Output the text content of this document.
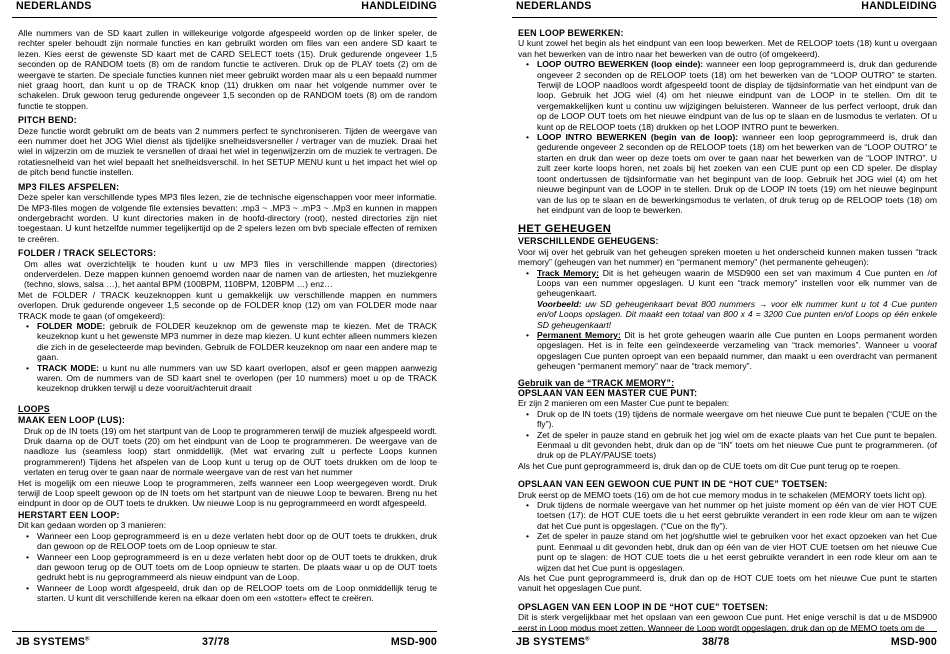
NEDERLANDS	HANDLEIDING

Alle nummers van de SD kaart zullen in willekeurige volgorde afgespeeld worden op de linker speler, de rechter speler behoudt zijn normale functies en kan gebruikt worden om files van een andere SD kaart te lezen. Kies eerst de gewenste SD kaart met de CARD SELECT toets (15). Druk gedurende ongeveer 1,5 seconden op de RANDOM toets (8) om de random functie te activeren. Druk op de PLAY toets (2) om de weergave te starten. De speciale functies kunnen niet meer gebruikt worden maar als u een bepaald nummer niet graag hoort, dan kunt u op de TRACK knop (11) drukken om naar het volgende nummer over te schakelen. Druk gewoon terug gedurende ongeveer 1,5 seconden op de RANDOM toets (8) om de random functie te stoppen.

PITCH BEND:

Deze functie wordt gebruikt om de beats van 2 nummers perfect te synchroniseren. Tijden de weergave van een nummer doet het JOG Wiel dienst als tijdelijke snelheidsversneller / vertrager van de muziek. Draai het wiel in wijzerzin om de muziek te versnellen of draai het wiel in tegenwijzerzin om de muziek te vertragen. De rotatiesnelheid van het wiel bepaalt het snelheidsverschil. In het SETUP MENU kunt u het impact het wiel op de pitch bend functie instellen.

MP3 FILES AFSPELEN:

Deze speler kan verschillende types MP3 files lezen, zie de technische eigenschappen voor meer informatie. De MP3-files mogen de volgende file extensies bevatten: .mp3 ~ .MP3 ~ .mP3 ~ .Mp3 en kunnen in mappen ondergebracht worden. U kunt directories maken in de hoofd-directory (root), nested directories zijn niet toegestaan. U kunt hetzelfde nummer tegelijkertijd op de 2 spelers lezen om bvb speciale effecten of remixen te creëren.

FOLDER / TRACK SELECTORS:

Om alles wat overzichtelijk te houden kunt u uw MP3 files in verschillende mappen (directories) onderverdelen. Deze mappen kunnen genoemd worden naar de namen van de artiesten, het muziekgenre (techno, slows, salsa …), het aantal BPM (100BPM, 110BPM, 120BPM …) enz…

Met de FOLDER / TRACK keuzeknoppen kunt u gemakkelijk uw verschillende mappen en nummers overlopen. Druk gedurende ongeveer 1,5 seconde op de FOLDER knop (12) om van FOLDER mode naar TRACK mode te gaan (of omgekeerd):

• FOLDER MODE: gebruik de FOLDER keuzeknop om de gewenste map te kiezen. Met de TRACK keuzeknop kunt u het gewenste MP3 nummer in deze map kiezen. U kunt echter alleen nummers kiezen die zich in de geselecteerde map bevinden. Gebruik de FOLDER keuzeknop om naar een andere map te gaan.
• TRACK MODE: u kunt nu alle nummers van uw SD kaart overlopen, alsof er geen mappen aanwezig waren. Om de nummers van de SD kaart snel te overlopen (per 10 nummers) moet u op de TRACK keuzeknop drukken terwijl u deze vooruit/achteruit draait
LOOPS
MAAK EEN LOOP (LUS):

Druk op de IN toets (19) om het startpunt van de Loop te programmeren terwijl de muziek afgespeeld wordt. Druk daarna op de OUT toets (20) om het eindpunt van de Loop te programmeren. De weergave van de naadloze lus (seamless loop) start onmiddellijk. (Met wat ervaring zult u perfecte Loops kunnen programmeren!) Tijdens het afspelen van de Loop kunt u terug op de OUT toets drukken om de loop te verlaten en terug over te gaan naar de normale weergave van de rest van het nummer

Het is mogelijk om een nieuwe Loop te programmeren, zelfs wanneer een Loop weergegeven wordt. Druk terwijl de Loop speelt gewoon op de IN toets om het startpunt van de nieuwe Loop te bewaren. Breng nu het eindpunt in door op de OUT toets te drukken. Uw nieuwe Loop is nu geprogrammeerd en wordt afgespeeld.

HERSTART EEN LOOP:

Dit kan gedaan worden op 3 manieren:

• Wanneer een Loop geprogrammeerd is en u deze verlaten hebt door op de OUT toets te drukken, druk dan gewoon op de RELOOP toets om de Loop opnieuw te star.
• Wanneer een Loop geprogrammeerd is en u deze verlaten hebt door op de OUT toets te drukken, druk dan gewoon terug op de OUT toets om de Loop opnieuw te starten. De plaats waar u op de OUT toets gedrukt hebt is nu geprogrammeerd als nieuw eindpunt van de Loop.
• Wanneer de Loop wordt afgespeeld, druk dan op de RELOOP toets om de Loop onmiddellijk terug te starten. U kunt dit verschillende keren na elkaar doen om een «stotter» effect te creëren.
JB SYSTEMS®	37/78	MSD-900
NEDERLANDS	HANDLEIDING
EEN LOOP BEWERKEN:

U kunt zowel het begin als het eindpunt van een loop bewerken. Met de RELOOP toets (18) kunt u overgaan van het bewerken van de intro naar het bewerken van de outro (of omgekeerd).

• LOOP OUTRO BEWERKEN (loop einde): wanneer een loop geprogrammeerd is, druk dan gedurende ongeveer 2 seconden op de RELOOP toets (18) om het bewerken van de “LOOP OUTRO” te starten. Terwijl de LOOP naadloos wordt afgespeeld toont de display de tijdsinformatie van het eindpunt van de loop. Gebruik het JOG wiel (4) om het nieuwe eindpunt van de LOOP in te stellen. Om dit te vergemakkelijken kunt u continu uw wijzigingen beluisteren. Wanneer de lus perfect verloopt, druk dan op de LOOP OUT toets om het nieuwe eindpunt van de lus op te slaan en de lusmodus te verlaten. Of u kunt op de RELOOP toets (18) drukken op het LOOP INTRO punt te bewerken.
• LOOP INTRO BEWERKEN (begin van de loop): wanneer een loop geprogrammeerd is, druk dan gedurende ongeveer 2 seconden op de RELOOP toets (18) om het bewerken van de “LOOP OUTRO” te starten en druk dan weer op deze toets om over te gaan naar het bewerken van de “LOOP INTRO”. U zult zeer korte loops horen, net zoals bij het zoeken van een CUE punt op een CD speler. De display toont ondertussen de tijdsinformatie van het beginpunt van de loop. Gebruik het JOG wiel (4) om het nieuwe beginpunt van de LOOP in te stellen. Druk op de LOOP IN toets (19) om het nieuwe beginpunt van de lus op te slaan en de bewerkingsmodus te verlaten, of druk terug op de RELOOP toets (18) om het eindpunt van de loop te bewerken.
HET GEHEUGEN
VERSCHILLENDE GEHEUGENS:

Voor wij over het gebruik van het geheugen spreken moeten u het onderscheid kunnen maken tussen “track memory” (geheugen van het nummer) en “permanent memory” (het permanente geheugen):

• Track Memory: Dit is het geheugen waarin de MSD900 een set van maximum 4 Cue punten en /of Loops van een nummer opgeslagen. U kunt een “track memory” instellen voor elk nummer van de geheugenkaart.
Voorbeeld: uw SD geheugenkaart bevat 800 nummers → voor elk nummer kunt u tot 4 Cue punten en/of Loops opslagen. Dit maakt een totaal van 800 x 4 = 3200 Cue punten en/of Loops op één enkele SD geheugenkaart!
• Permanent Memory: Dit is het grote geheugen waarin alle Cue punten en Loops permanent worden opgeslagen. Het is in feite een geïndexeerde verzameling van “track memories”. Wanneer u vooraf opgeslagen Cue punten oproept van een bepaald nummer, dan maakt u een overdracht van permanent geheugen “permanent memory” naar de “track memory”.
Gebruik van de “TRACK MEMORY”:
OPSLAAN VAN EEN MASTER CUE PUNT:

Er zijn 2 manieren om een Master Cue punt te bepalen:

• Druk op de IN toets (19) tijdens de normale weergave om het nieuwe Cue punt te bepalen (“CUE on the fly”).
• Zet de speler in pauze stand en gebruik het jog wiel om de exacte plaats van het Cue punt te bepalen. Eenmaal u dit gevonden hebt, druk dan op de “IN” toets om het nieuwe Cue punt te programmeren. (of druk op de PLAY/PAUSE toets)

Als het Cue punt geprogrammeerd is, druk dan op de CUE toets om dit Cue punt terug op te roepen.

OPSLAAN VAN EEN GEWOON CUE PUNT IN DE “HOT CUE” TOETSEN:

Druk eerst op de MEMO toets (16) om de hot cue memory modus in te schakelen (MEMORY toets licht op).

• Druk tijdens de normale weergave van het nummer op het juiste moment op één van de vier HOT CUE toetsen (17): de HOT CUE toets die u het eerst gebruikte verandert in een rode kleur om aan te wijzen dat het Cue punt is opgeslagen. (“Cue on the fly”).
• Zet de speler in pauze stand om het jog/shuttle wiel te gebruiken voor het exact opzoeken van het Cue punt. Eenmaal u dit gevonden hebt, druk dan op één van de vier HOT CUE toetsen om het nieuwe Cue punt op te slagen: de HOT CUE toets die u het eerst gebruikte verandert in een rode kleur om aan te wijzen dat het Cue punt is opgeslagen.

Als het Cue punt geprogrammeerd is, druk dan op de HOT CUE toets om het nieuwe Cue punt te starten vanuit het opgeslagen Cue punt.

OPSLAGEN VAN EEN LOOP IN DE “HOT CUE” TOETSEN:

Dit is sterk vergelijkbaar met het opslaan van een gewoon Cue punt. Het enige verschil is dat u de MSD900 eerst in Loop modus moet zetten. Wanneer de Loop wordt opgeslagen, druk dan op de MEMO toets om de

JB SYSTEMS®	38/78	MSD-900
